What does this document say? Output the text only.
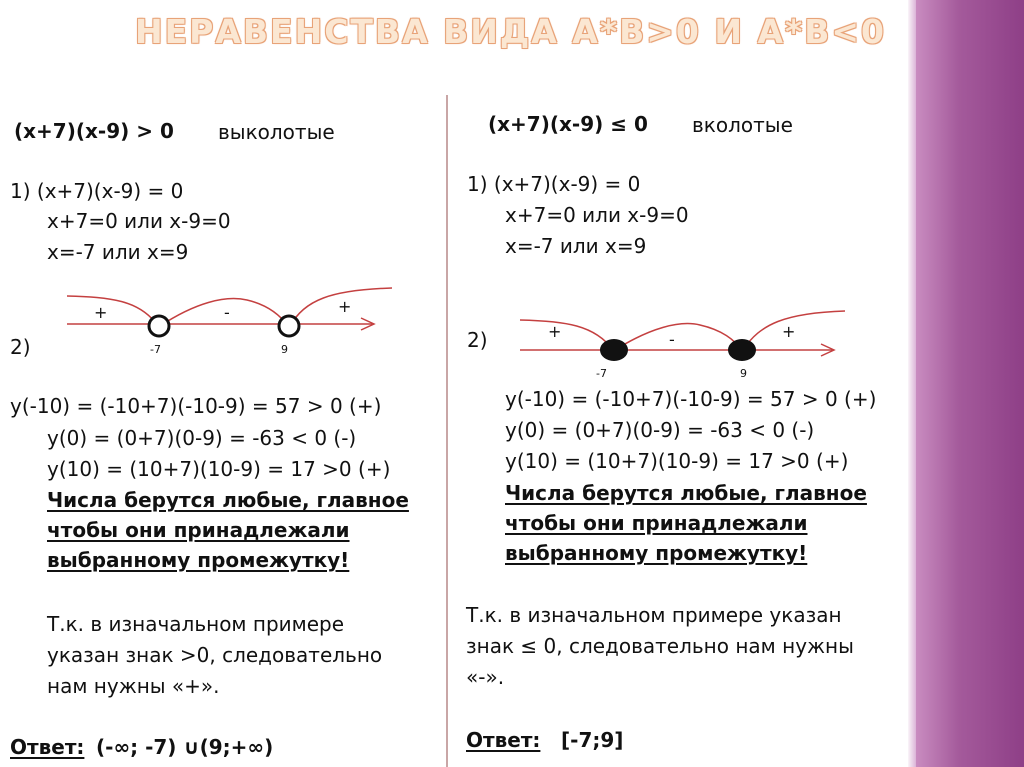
НЕРАВЕНСТВА ВИДА A*B>0 И A*B<0
(x+7)(x-9) > 0 выколотые
1) (x+7)(x-9) = 0
x+7=0 или x-9=0
x=-7 или x=9
2)
+	-	+
-7	9
y(-10) = (-10+7)(-10-9) = 57 > 0 (+)
y(0) = (0+7)(0-9) = -63 < 0 (-)
y(10) = (10+7)(10-9) = 17 >0 (+)
Числа берутся любые, главное
чтобы они принадлежали
выбранному промежутку!
Т.к. в изначальном примере
указан знак >0, следовательно
нам нужны «+».
Ответ: (-∞; -7) ∪(9;+∞)
(x+7)(x-9) ≤ 0 вколотые
1) (x+7)(x-9) = 0
x+7=0 или x-9=0
x=-7 или x=9
2)	+	-	+
-7	9
y(-10) = (-10+7)(-10-9) = 57 > 0 (+)
y(0) = (0+7)(0-9) = -63 < 0 (-)
y(10) = (10+7)(10-9) = 17 >0 (+)
Числа берутся любые, главное
чтобы они принадлежали
выбранному промежутку!
Т.к. в изначальном примере указан
знак ≤ 0, следовательно нам нужны
«-».
Ответ: [-7;9]
